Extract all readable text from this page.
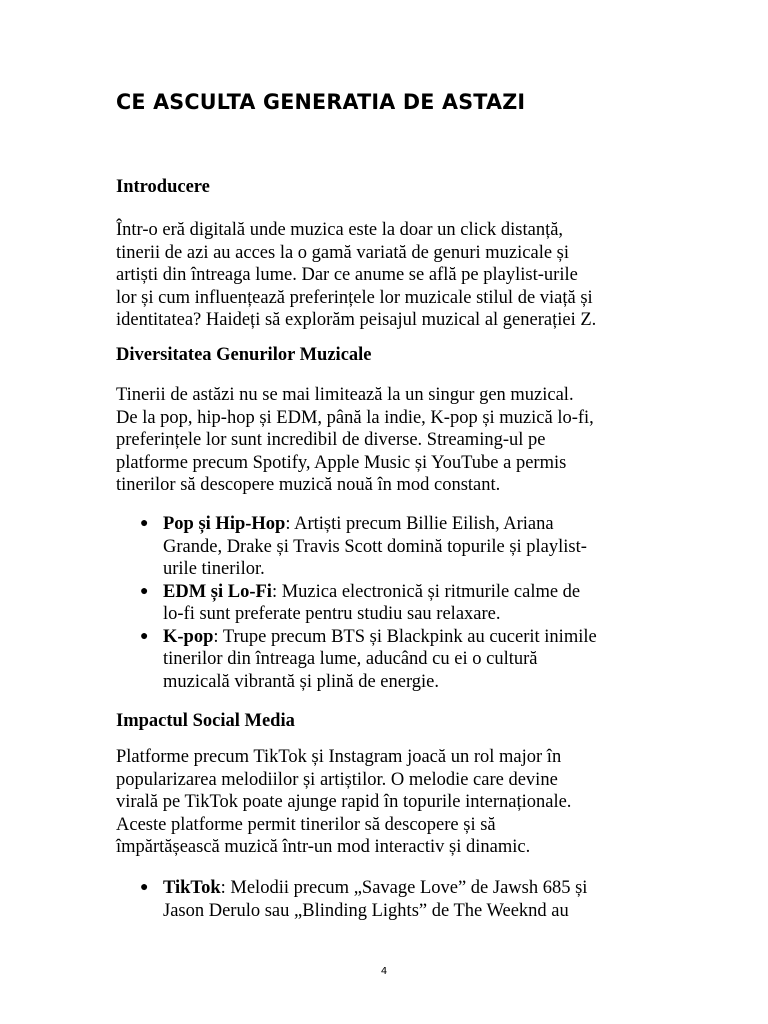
CE ASCULTA GENERATIA DE ASTAZI
Introducere

Într-o eră digitală unde muzica este la doar un click distanță,
tinerii de azi au acces la o gamă variată de genuri muzicale și
artiști din întreaga lume. Dar ce anume se află pe playlist-urile
lor și cum influențează preferințele lor muzicale stilul de viață și
identitatea? Haideți să explorăm peisajul muzical al generației Z.

Diversitatea Genurilor Muzicale

Tinerii de astăzi nu se mai limitează la un singur gen muzical.
De la pop, hip-hop și EDM, până la indie, K-pop și muzică lo-fi,
preferințele lor sunt incredibil de diverse. Streaming-ul pe
platforme precum Spotify, Apple Music și YouTube a permis
tinerilor să descopere muzică nouă în mod constant.

● Pop și Hip-Hop: Artiști precum Billie Eilish, Ariana
Grande, Drake și Travis Scott domină topurile și playlist-
urile tinerilor.
● EDM și Lo-Fi: Muzica electronică și ritmurile calme de
lo-fi sunt preferate pentru studiu sau relaxare.
● K-pop: Trupe precum BTS și Blackpink au cucerit inimile
tinerilor din întreaga lume, aducând cu ei o cultură
muzicală vibrantă și plină de energie.
Impactul Social Media

Platforme precum TikTok și Instagram joacă un rol major în
popularizarea melodiilor și artiștilor. O melodie care devine
virală pe TikTok poate ajunge rapid în topurile internaționale.
Aceste platforme permit tinerilor să descopere și să
împărtășească muzică într-un mod interactiv și dinamic.

● TikTok: Melodii precum „Savage Love” de Jawsh 685 și
Jason Derulo sau „Blinding Lights” de The Weeknd au
4
